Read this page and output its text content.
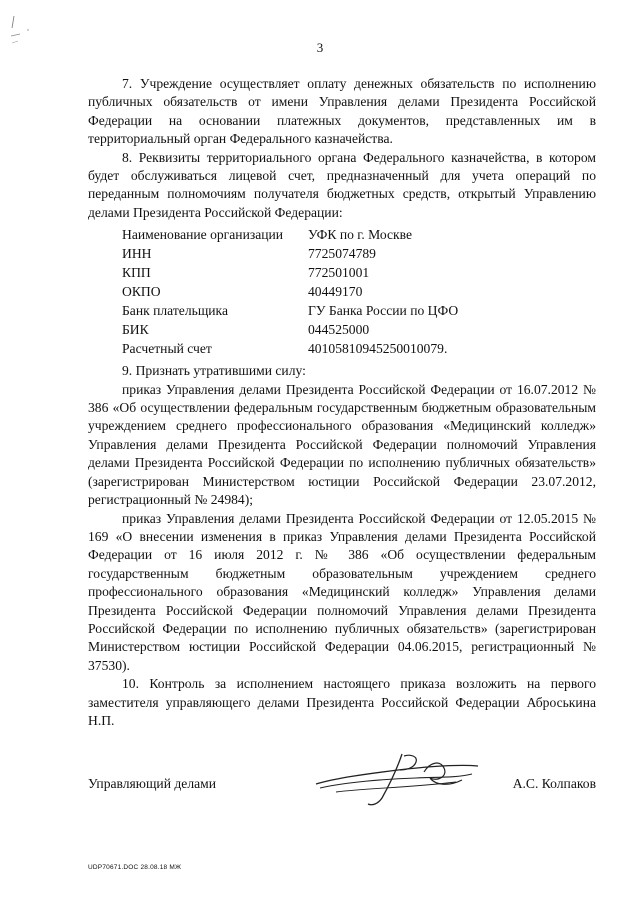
3

7. Учреждение осуществляет оплату денежных обязательств по исполнению публичных обязательств от имени Управления делами Президента Российской Федерации на основании платежных документов, представленных им в территориальный орган Федерального казначейства.

8. Реквизиты территориального органа Федерального казначейства, в котором будет обслуживаться лицевой счет, предназначенный для учета операций по переданным полномочиям получателя бюджетных средств, открытый Управлению делами Президента Российской Федерации:

Наименование организации	УФК по г. Москве
ИНН	7725074789
КПП	772501001
ОКПО	40449170
Банк плательщика	ГУ Банка России по ЦФО
БИК	044525000
Расчетный счет	40105810945250010079.

9. Признать утратившими силу:

приказ Управления делами Президента Российской Федерации от 16.07.2012 № 386 «Об осуществлении федеральным государственным бюджетным образовательным учреждением среднего профессионального образования «Медицинский колледж» Управления делами Президента Российской Федерации полномочий Управления делами Президента Российской Федерации по исполнению публичных обязательств» (зарегистрирован Министерством юстиции Российской Федерации 23.07.2012, регистрационный № 24984);

приказ Управления делами Президента Российской Федерации от 12.05.2015 № 169 «О внесении изменения в приказ Управления делами Президента Российской Федерации от 16 июля 2012 г. № 386 «Об осуществлении федеральным государственным бюджетным образовательным учреждением среднего профессионального образования «Медицинский колледж» Управления делами Президента Российской Федерации полномочий Управления делами Президента Российской Федерации по исполнению публичных обязательств» (зарегистрирован Министерством юстиции Российской Федерации 04.06.2015, регистрационный № 37530).

10. Контроль за исполнением настоящего приказа возложить на первого заместителя управляющего делами Президента Российской Федерации Аброськина Н.П.

Управляющий делами	А.С. Колпаков
UDP70671.DOC 28.08.18 МЖ
